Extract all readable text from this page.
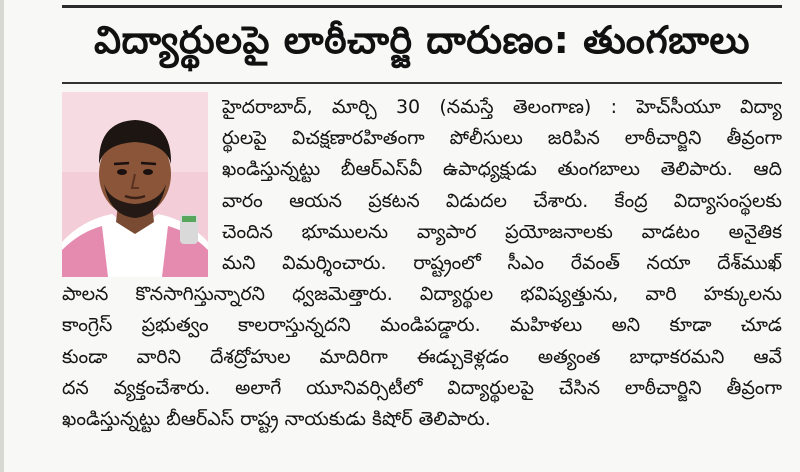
విద్యార్థులపై లాఠీచార్జి దారుణం: తుంగబాలు
హైదరాబాద్, మార్చి 30 (నమస్తే తెలంగాణ) : హెచ్‌సీయూ విద్యా
ర్థులపై విచక్షణారహితంగా పోలీసులు జరిపిన లాఠీచార్జిని తీవ్రంగా
ఖండిస్తున్నట్టు బీఆర్‌ఎస్‌వీ ఉపాధ్యక్షుడు తుంగబాలు తెలిపారు. ఆది
వారం ఆయన ప్రకటన విడుదల చేశారు. కేంద్ర విద్యాసంస్థలకు
చెందిన భూములను వ్యాపార ప్రయోజనాలకు వాడటం అనైతిక
మని విమర్శించారు. రాష్ట్రంలో సీఎం రేవంత్ నయా దేశ్‌ముఖ్
పాలన కొనసాగిస్తున్నారని ధ్వజమెత్తారు. విద్యార్థుల భవిష్యత్తును, వారి హక్కులను
కాంగ్రెస్ ప్రభుత్వం కాలరాస్తున్నదని మండిపడ్డారు. మహిళలు అని కూడా చూడ
కుండా వారిని దేశద్రోహుల మాదిరిగా ఈడ్చుకెళ్లడం అత్యంత బాధాకరమని ఆవే
దన వ్యక్తంచేశారు. అలాగే యూనివర్సిటీలో విద్యార్థులపై చేసిన లాఠీచార్జిని తీవ్రంగా
ఖండిస్తున్నట్టు బీఆర్‌ఎస్ రాష్ట్ర నాయకుడు కిషోర్ తెలిపారు.
